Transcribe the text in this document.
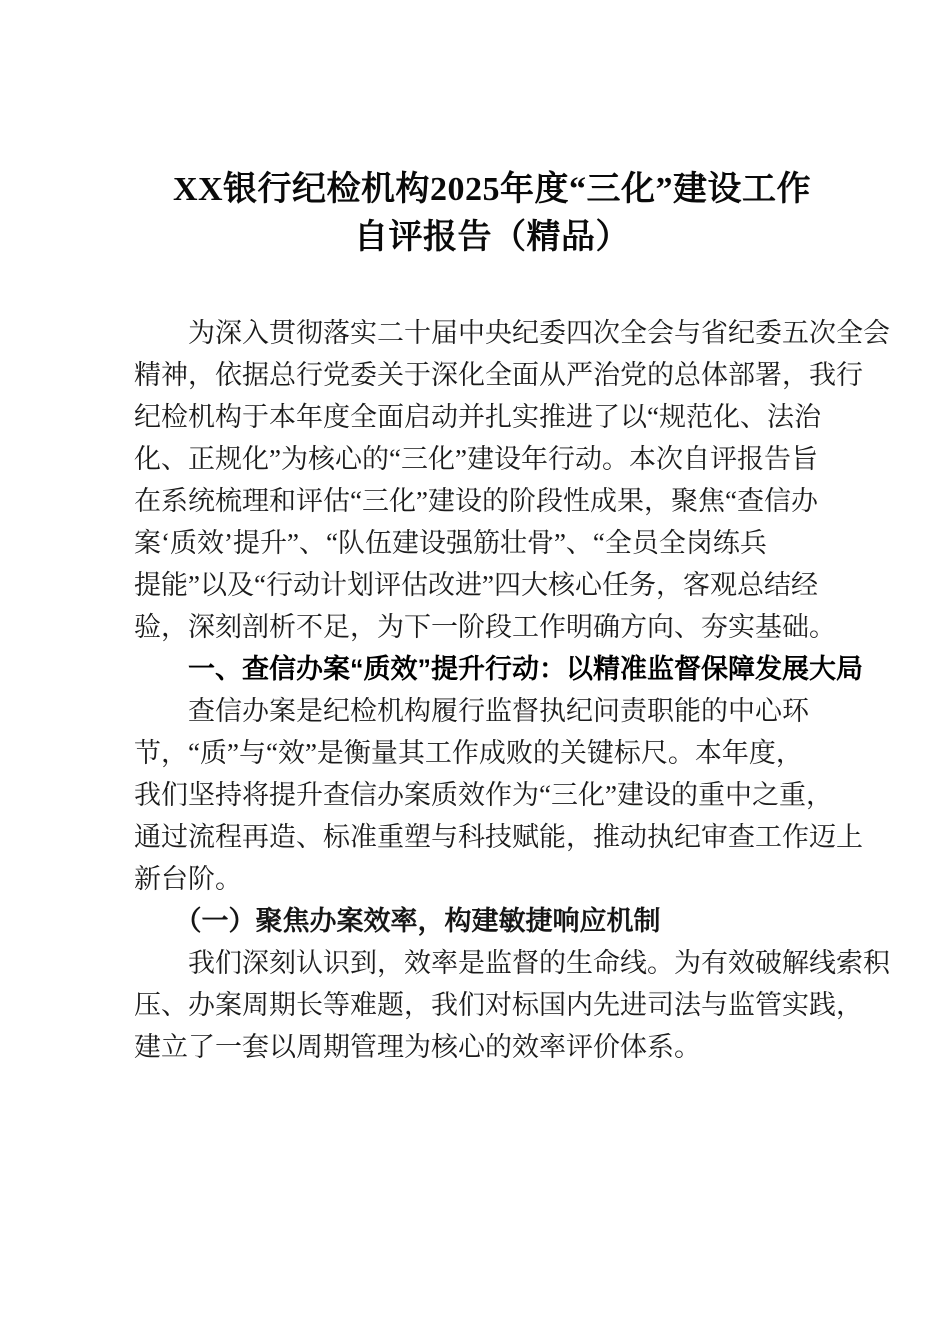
XX银行纪检机构2025年度“三化”建设工作
自评报告（精品）

　　为深入贯彻落实二十届中央纪委四次全会与省纪委五次全会
精神，依据总行党委关于深化全面从严治党的总体部署，我行
纪检机构于本年度全面启动并扎实推进了以“规范化、法治
化、正规化”为核心的“三化”建设年行动。本次自评报告旨
在系统梳理和评估“三化”建设的阶段性成果，聚焦“查信办
案‘质效’提升”、“队伍建设强筋壮骨”、“全员全岗练兵
提能”以及“行动计划评估改进”四大核心任务，客观总结经
验，深刻剖析不足，为下一阶段工作明确方向、夯实基础。

　　一、查信办案“质效”提升行动：以精准监督保障发展大局

　　查信办案是纪检机构履行监督执纪问责职能的中心环
节，“质”与“效”是衡量其工作成败的关键标尺。本年度，
我们坚持将提升查信办案质效作为“三化”建设的重中之重，
通过流程再造、标准重塑与科技赋能，推动执纪审查工作迈上
新台阶。

　　（一）聚焦办案效率，构建敏捷响应机制

　　我们深刻认识到，效率是监督的生命线。为有效破解线索积
压、办案周期长等难题，我们对标国内先进司法与监管实践，
建立了一套以周期管理为核心的效率评价体系。
